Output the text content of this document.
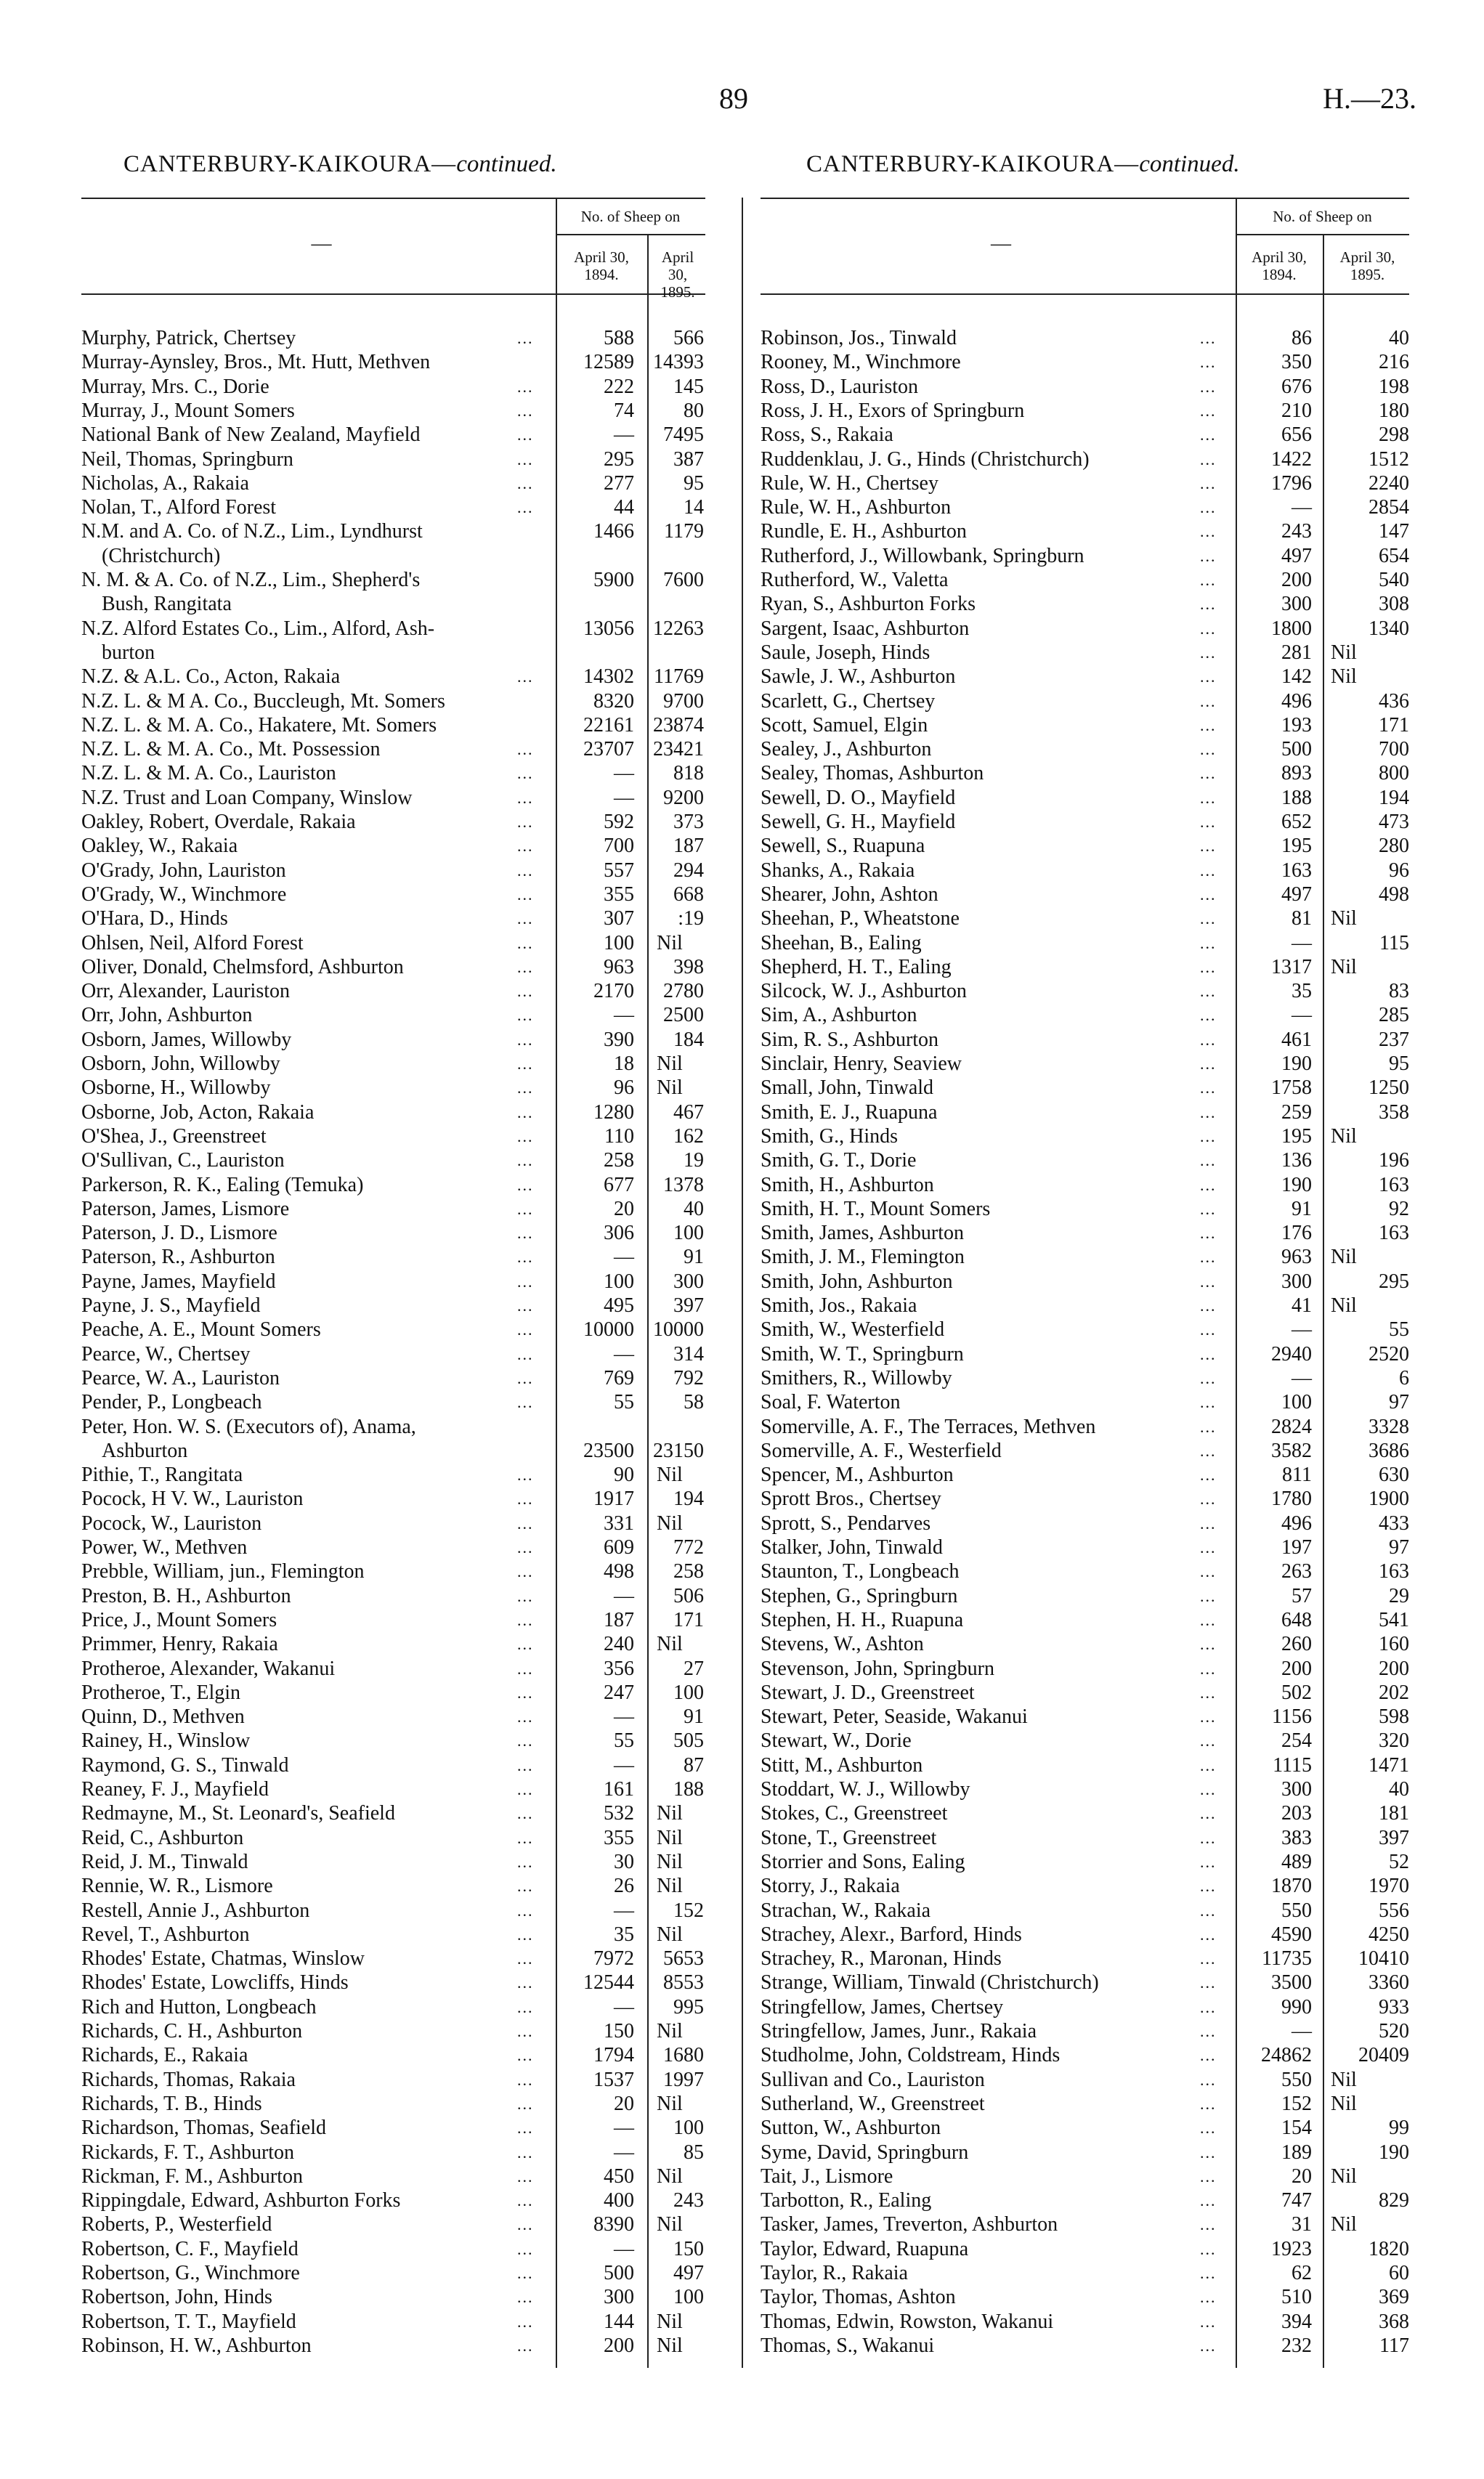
89	H.—23.
CANTERBURY-KAIKOURA—continued.
—
No. of Sheep on
April 30, 1894.
April 30, 1895.
Murphy, Patrick, Chertsey	...	588	566
Murray-Aynsley, Bros., Mt. Hutt, Methven	12589 14393
Murray, Mrs. C., Dorie	...	222	145
Murray, J., Mount Somers	...	74	80
National Bank of New Zealand, Mayfield	...	—	7495
Neil, Thomas, Springburn	...	295	387
Nicholas, A., Rakaia	...	277	95
Nolan, T., Alford Forest	...	44	14
N.M. and A. Co. of N.Z., Lim., Lyndhurst	1466	1179
(Christchurch)
N. M. & A. Co. of N.Z., Lim., Shepherd's	5900	7600
Bush, Rangitata
N.Z. Alford Estates Co., Lim., Alford, Ash-	13056 12263
burton
N.Z. & A.L. Co., Acton, Rakaia	...	14302 11769
N.Z. L. & M A. Co., Buccleugh, Mt. Somers	8320	9700
N.Z. L. & M. A. Co., Hakatere, Mt. Somers	22161 23874
N.Z. L. & M. A. Co., Mt. Possession	...	23707 23421
N.Z. L. & M. A. Co., Lauriston	...	—	818
N.Z. Trust and Loan Company, Winslow	...	—	9200
Oakley, Robert, Overdale, Rakaia	...	592	373
Oakley, W., Rakaia	...	700	187
O'Grady, John, Lauriston	...	557	294
O'Grady, W., Winchmore	...	355	668
O'Hara, D., Hinds	...	307	:19
Ohlsen, Neil, Alford Forest	...	100 Nil
Oliver, Donald, Chelmsford, Ashburton	...	963	398
Orr, Alexander, Lauriston	...	2170	2780
Orr, John, Ashburton	...	—	2500
Osborn, James, Willowby	...	390	184
Osborn, John, Willowby	...	18 Nil
Osborne, H., Willowby	...	96 Nil
Osborne, Job, Acton, Rakaia	...	1280	467
O'Shea, J., Greenstreet	...	110	162
O'Sullivan, C., Lauriston	...	258	19
Parkerson, R. K., Ealing (Temuka)	...	677	1378
Paterson, James, Lismore	...	20	40
Paterson, J. D., Lismore	...	306	100
Paterson, R., Ashburton	...	—	91
Payne, James, Mayfield	...	100	300
Payne, J. S., Mayfield	...	495	397
Peache, A. E., Mount Somers	...	10000 10000
Pearce, W., Chertsey	...	—	314
Pearce, W. A., Lauriston	...	769	792
Pender, P., Longbeach	...	55	58
Peter, Hon. W. S. (Executors of), Anama,
Ashburton	23500 23150
Pithie, T., Rangitata	...	90 Nil
Pocock, H V. W., Lauriston	...	1917	194
Pocock, W., Lauriston	...	331 Nil
Power, W., Methven	...	609	772
Prebble, William, jun., Flemington	...	498	258
Preston, B. H., Ashburton	...	—	506
Price, J., Mount Somers	...	187	171
Primmer, Henry, Rakaia	...	240 Nil
Protheroe, Alexander, Wakanui	...	356	27
Protheroe, T., Elgin	...	247	100
Quinn, D., Methven	...	—	91
Rainey, H., Winslow	...	55	505
Raymond, G. S., Tinwald	...	—	87
Reaney, F. J., Mayfield	...	161	188
Redmayne, M., St. Leonard's, Seafield	...	532 Nil
Reid, C., Ashburton	...	355 Nil
Reid, J. M., Tinwald	...	30 Nil
Rennie, W. R., Lismore	...	26 Nil
Restell, Annie J., Ashburton	...	—	152
Revel, T., Ashburton	...	35 Nil
Rhodes' Estate, Chatmas, Winslow	...	7972	5653
Rhodes' Estate, Lowcliffs, Hinds	...	12544	8553
Rich and Hutton, Longbeach	...	—	995
Richards, C. H., Ashburton	...	150 Nil
Richards, E., Rakaia	...	1794	1680
Richards, Thomas, Rakaia	...	1537	1997
Richards, T. B., Hinds	...	20 Nil
Richardson, Thomas, Seafield	...	—	100
Rickards, F. T., Ashburton	...	—	85
Rickman, F. M., Ashburton	...	450 Nil
Rippingdale, Edward, Ashburton Forks	...	400	243
Roberts, P., Westerfield	...	8390 Nil
Robertson, C. F., Mayfield	...	—	150
Robertson, G., Winchmore	...	500	497
Robertson, John, Hinds	...	300	100
Robertson, T. T., Mayfield	...	144 Nil
Robinson, H. W., Ashburton	...	200 Nil
CANTERBURY-KAIKOURA—continued.
—
No. of Sheep on
April 30, 1894.
April 30, 1895.
Robinson, Jos., Tinwald	...	86	40
Rooney, M., Winchmore	...	350	216
Ross, D., Lauriston	...	676	198
Ross, J. H., Exors of Springburn	...	210	180
Ross, S., Rakaia	...	656	298
Ruddenklau, J. G., Hinds (Christchurch)	...	1422	1512
Rule, W. H., Chertsey	...	1796	2240
Rule, W. H., Ashburton	...	—	2854
Rundle, E. H., Ashburton	...	243	147
Rutherford, J., Willowbank, Springburn	...	497	654
Rutherford, W., Valetta	...	200	540
Ryan, S., Ashburton Forks	...	300	308
Sargent, Isaac, Ashburton	...	1800	1340
Saule, Joseph, Hinds	...	281 Nil
Sawle, J. W., Ashburton	...	142 Nil
Scarlett, G., Chertsey	...	496	436
Scott, Samuel, Elgin	...	193	171
Sealey, J., Ashburton	...	500	700
Sealey, Thomas, Ashburton	...	893	800
Sewell, D. O., Mayfield	...	188	194
Sewell, G. H., Mayfield	...	652	473
Sewell, S., Ruapuna	...	195	280
Shanks, A., Rakaia	...	163	96
Shearer, John, Ashton	...	497	498
Sheehan, P., Wheatstone	...	81 Nil
Sheehan, B., Ealing	...	—	115
Shepherd, H. T., Ealing	...	1317 Nil
Silcock, W. J., Ashburton	...	35	83
Sim, A., Ashburton	...	—	285
Sim, R. S., Ashburton	...	461	237
Sinclair, Henry, Seaview	...	190	95
Small, John, Tinwald	...	1758	1250
Smith, E. J., Ruapuna	...	259	358
Smith, G., Hinds	...	195 Nil
Smith, G. T., Dorie	...	136	196
Smith, H., Ashburton	...	190	163
Smith, H. T., Mount Somers	...	91	92
Smith, James, Ashburton	...	176	163
Smith, J. M., Flemington	...	963 Nil
Smith, John, Ashburton	...	300	295
Smith, Jos., Rakaia	...	41 Nil
Smith, W., Westerfield	...	—	55
Smith, W. T., Springburn	...	2940	2520
Smithers, R., Willowby	...	—	6
Soal, F. Waterton	...	100	97
Somerville, A. F., The Terraces, Methven	...	2824	3328
Somerville, A. F., Westerfield	...	3582	3686
Spencer, M., Ashburton	...	811	630
Sprott Bros., Chertsey	...	1780	1900
Sprott, S., Pendarves	...	496	433
Stalker, John, Tinwald	...	197	97
Staunton, T., Longbeach	...	263	163
Stephen, G., Springburn	...	57	29
Stephen, H. H., Ruapuna	...	648	541
Stevens, W., Ashton	...	260	160
Stevenson, John, Springburn	...	200	200
Stewart, J. D., Greenstreet	...	502	202
Stewart, Peter, Seaside, Wakanui	...	1156	598
Stewart, W., Dorie	...	254	320
Stitt, M., Ashburton	...	1115	1471
Stoddart, W. J., Willowby	...	300	40
Stokes, C., Greenstreet	...	203	181
Stone, T., Greenstreet	...	383	397
Storrier and Sons, Ealing	...	489	52
Storry, J., Rakaia	...	1870	1970
Strachan, W., Rakaia	...	550	556
Strachey, Alexr., Barford, Hinds	...	4590	4250
Strachey, R., Maronan, Hinds	...	11735	10410
Strange, William, Tinwald (Christchurch)	...	3500	3360
Stringfellow, James, Chertsey	...	990	933
Stringfellow, James, Junr., Rakaia	...	—	520
Studholme, John, Coldstream, Hinds	...	24862	20409
Sullivan and Co., Lauriston	...	550 Nil
Sutherland, W., Greenstreet	...	152 Nil
Sutton, W., Ashburton	...	154	99
Syme, David, Springburn	...	189	190
Tait, J., Lismore	...	20 Nil
Tarbotton, R., Ealing	...	747	829
Tasker, James, Treverton, Ashburton	...	31 Nil
Taylor, Edward, Ruapuna	...	1923	1820
Taylor, R., Rakaia	...	62	60
Taylor, Thomas, Ashton	...	510	369
Thomas, Edwin, Rowston, Wakanui	...	394	368
Thomas, S., Wakanui	...	232	117
